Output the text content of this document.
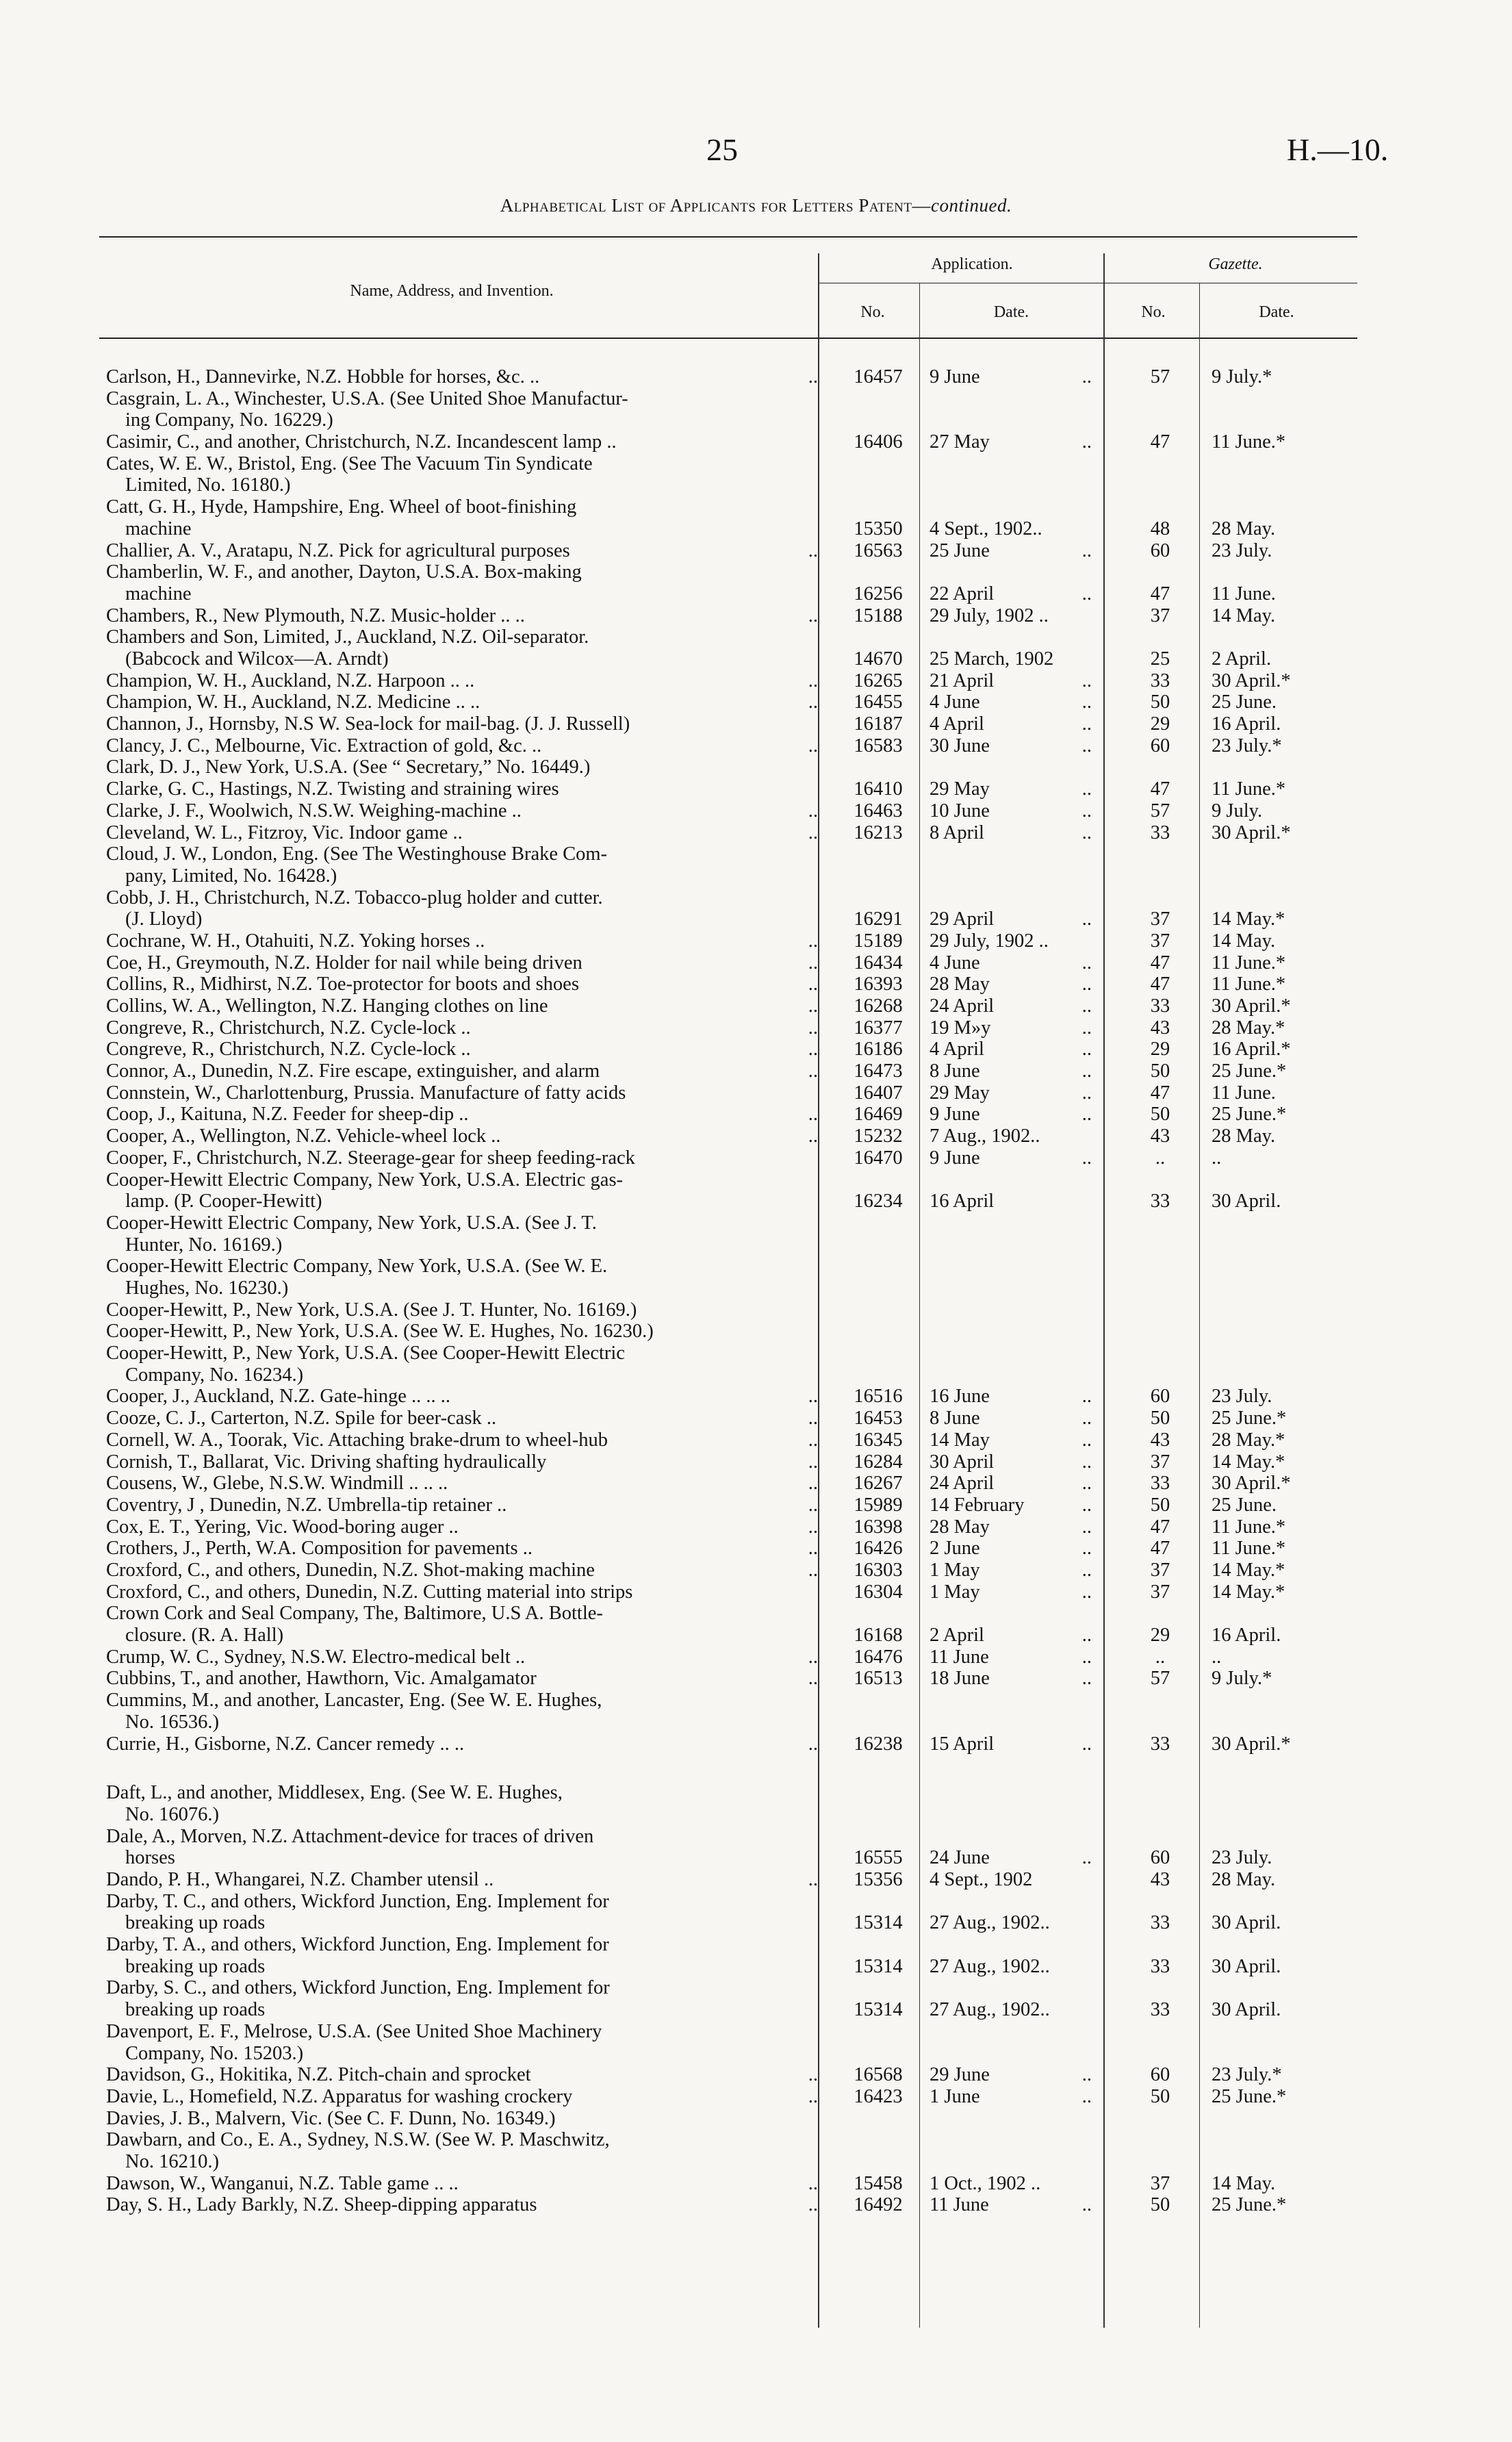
25	H.—10.
Alphabetical List of Applicants for Letters Patent—continued.
Name, Address, and Invention.
Application.	Gazette.
No.	Date.	No.	Date.
Carlson, H., Dannevirke, N.Z. Hobble for horses, &c. ..	..	16457	9 June	..	57	9 July.*
Casgrain, L. A., Winchester, U.S.A. (See United Shoe Manufactur-
ing Company, No. 16229.)
Casimir, C., and another, Christchurch, N.Z. Incandescent lamp ..	16406	27 May	..	47	11 June.*
Cates, W. E. W., Bristol, Eng. (See The Vacuum Tin Syndicate
Limited, No. 16180.)
Catt, G. H., Hyde, Hampshire, Eng. Wheel of boot-finishing
machine	15350	4 Sept., 1902..	48	28 May.
Challier, A. V., Aratapu, N.Z. Pick for agricultural purposes	..	16563	25 June	..	60	23 July.
Chamberlin, W. F., and another, Dayton, U.S.A. Box-making
machine	16256	22 April	..	47	11 June.
Chambers, R., New Plymouth, N.Z. Music-holder .. ..	..	15188	29 July, 1902 ..	37	14 May.
Chambers and Son, Limited, J., Auckland, N.Z. Oil-separator.
(Babcock and Wilcox—A. Arndt)	14670	25 March, 1902	25	2 April.
Champion, W. H., Auckland, N.Z. Harpoon .. ..	..	16265	21 April	..	33	30 April.*
Champion, W. H., Auckland, N.Z. Medicine .. ..	..	16455	4 June	..	50	25 June.
Channon, J., Hornsby, N.S W. Sea-lock for mail-bag. (J. J. Russell)	16187	4 April	..	29	16 April.
Clancy, J. C., Melbourne, Vic. Extraction of gold, &c. ..	..	16583	30 June	..	60	23 July.*
Clark, D. J., New York, U.S.A. (See “ Secretary,” No. 16449.)
Clarke, G. C., Hastings, N.Z. Twisting and straining wires	16410	29 May	..	47	11 June.*
Clarke, J. F., Woolwich, N.S.W. Weighing-machine ..	..	16463	10 June	..	57	9 July.
Cleveland, W. L., Fitzroy, Vic. Indoor game ..	..	16213	8 April	..	33	30 April.*
Cloud, J. W., London, Eng. (See The Westinghouse Brake Com-
pany, Limited, No. 16428.)
Cobb, J. H., Christchurch, N.Z. Tobacco-plug holder and cutter.
(J. Lloyd)	16291	29 April	..	37	14 May.*
Cochrane, W. H., Otahuiti, N.Z. Yoking horses ..	..	15189	29 July, 1902 ..	37	14 May.
Coe, H., Greymouth, N.Z. Holder for nail while being driven	..	16434	4 June	..	47	11 June.*
Collins, R., Midhirst, N.Z. Toe-protector for boots and shoes	..	16393	28 May	..	47	11 June.*
Collins, W. A., Wellington, N.Z. Hanging clothes on line	..	16268	24 April	..	33	30 April.*
Congreve, R., Christchurch, N.Z. Cycle-lock ..	..	16377	19 M»y	..	43	28 May.*
Congreve, R., Christchurch, N.Z. Cycle-lock ..	..	16186	4 April	..	29	16 April.*
Connor, A., Dunedin, N.Z. Fire escape, extinguisher, and alarm	..	16473	8 June	..	50	25 June.*
Connstein, W., Charlottenburg, Prussia. Manufacture of fatty acids	16407	29 May	..	47	11 June.
Coop, J., Kaituna, N.Z. Feeder for sheep-dip ..	..	16469	9 June	..	50	25 June.*
Cooper, A., Wellington, N.Z. Vehicle-wheel lock ..	..	15232	7 Aug., 1902..	43	28 May.
Cooper, F., Christchurch, N.Z. Steerage-gear for sheep feeding-rack	16470	9 June	..	..	..
Cooper-Hewitt Electric Company, New York, U.S.A. Electric gas-
lamp. (P. Cooper-Hewitt)	16234	16 April	33	30 April.
Cooper-Hewitt Electric Company, New York, U.S.A. (See J. T.
Hunter, No. 16169.)
Cooper-Hewitt Electric Company, New York, U.S.A. (See W. E.
Hughes, No. 16230.)
Cooper-Hewitt, P., New York, U.S.A. (See J. T. Hunter, No. 16169.)
Cooper-Hewitt, P., New York, U.S.A. (See W. E. Hughes, No. 16230.)
Cooper-Hewitt, P., New York, U.S.A. (See Cooper-Hewitt Electric
Company, No. 16234.)
Cooper, J., Auckland, N.Z. Gate-hinge .. .. ..	..	16516	16 June	..	60	23 July.
Cooze, C. J., Carterton, N.Z. Spile for beer-cask ..	..	16453	8 June	..	50	25 June.*
Cornell, W. A., Toorak, Vic. Attaching brake-drum to wheel-hub	..	16345	14 May	..	43	28 May.*
Cornish, T., Ballarat, Vic. Driving shafting hydraulically	..	16284	30 April	..	37	14 May.*
Cousens, W., Glebe, N.S.W. Windmill .. .. ..	..	16267	24 April	..	33	30 April.*
Coventry, J , Dunedin, N.Z. Umbrella-tip retainer ..	..	15989	14 February	..	50	25 June.
Cox, E. T., Yering, Vic. Wood-boring auger ..	..	16398	28 May	..	47	11 June.*
Crothers, J., Perth, W.A. Composition for pavements ..	..	16426	2 June	..	47	11 June.*
Croxford, C., and others, Dunedin, N.Z. Shot-making machine	..	16303	1 May	..	37	14 May.*
Croxford, C., and others, Dunedin, N.Z. Cutting material into strips	16304	1 May	..	37	14 May.*
Crown Cork and Seal Company, The, Baltimore, U.S A. Bottle-
closure. (R. A. Hall)	16168	2 April	..	29	16 April.
Crump, W. C., Sydney, N.S.W. Electro-medical belt ..	..	16476	11 June	..	..	..
Cubbins, T., and another, Hawthorn, Vic. Amalgamator	..	16513	18 June	..	57	9 July.*
Cummins, M., and another, Lancaster, Eng. (See W. E. Hughes,
No. 16536.)
Currie, H., Gisborne, N.Z. Cancer remedy .. ..	..	16238	15 April	..	33	30 April.*
Daft, L., and another, Middlesex, Eng. (See W. E. Hughes,
No. 16076.)
Dale, A., Morven, N.Z. Attachment-device for traces of driven
horses	16555	24 June	..	60	23 July.
Dando, P. H., Whangarei, N.Z. Chamber utensil ..	..	15356	4 Sept., 1902	43	28 May.
Darby, T. C., and others, Wickford Junction, Eng. Implement for
breaking up roads	15314	27 Aug., 1902..	33	30 April.
Darby, T. A., and others, Wickford Junction, Eng. Implement for
breaking up roads	15314	27 Aug., 1902..	33	30 April.
Darby, S. C., and others, Wickford Junction, Eng. Implement for
breaking up roads	15314	27 Aug., 1902..	33	30 April.
Davenport, E. F., Melrose, U.S.A. (See United Shoe Machinery
Company, No. 15203.)
Davidson, G., Hokitika, N.Z. Pitch-chain and sprocket	..	16568	29 June	..	60	23 July.*
Davie, L., Homefield, N.Z. Apparatus for washing crockery	..	16423	1 June	..	50	25 June.*
Davies, J. B., Malvern, Vic. (See C. F. Dunn, No. 16349.)
Dawbarn, and Co., E. A., Sydney, N.S.W. (See W. P. Maschwitz,
No. 16210.)
Dawson, W., Wanganui, N.Z. Table game .. ..	..	15458	1 Oct., 1902 ..	37	14 May.
Day, S. H., Lady Barkly, N.Z. Sheep-dipping apparatus	..	16492	11 June	..	50	25 June.*
